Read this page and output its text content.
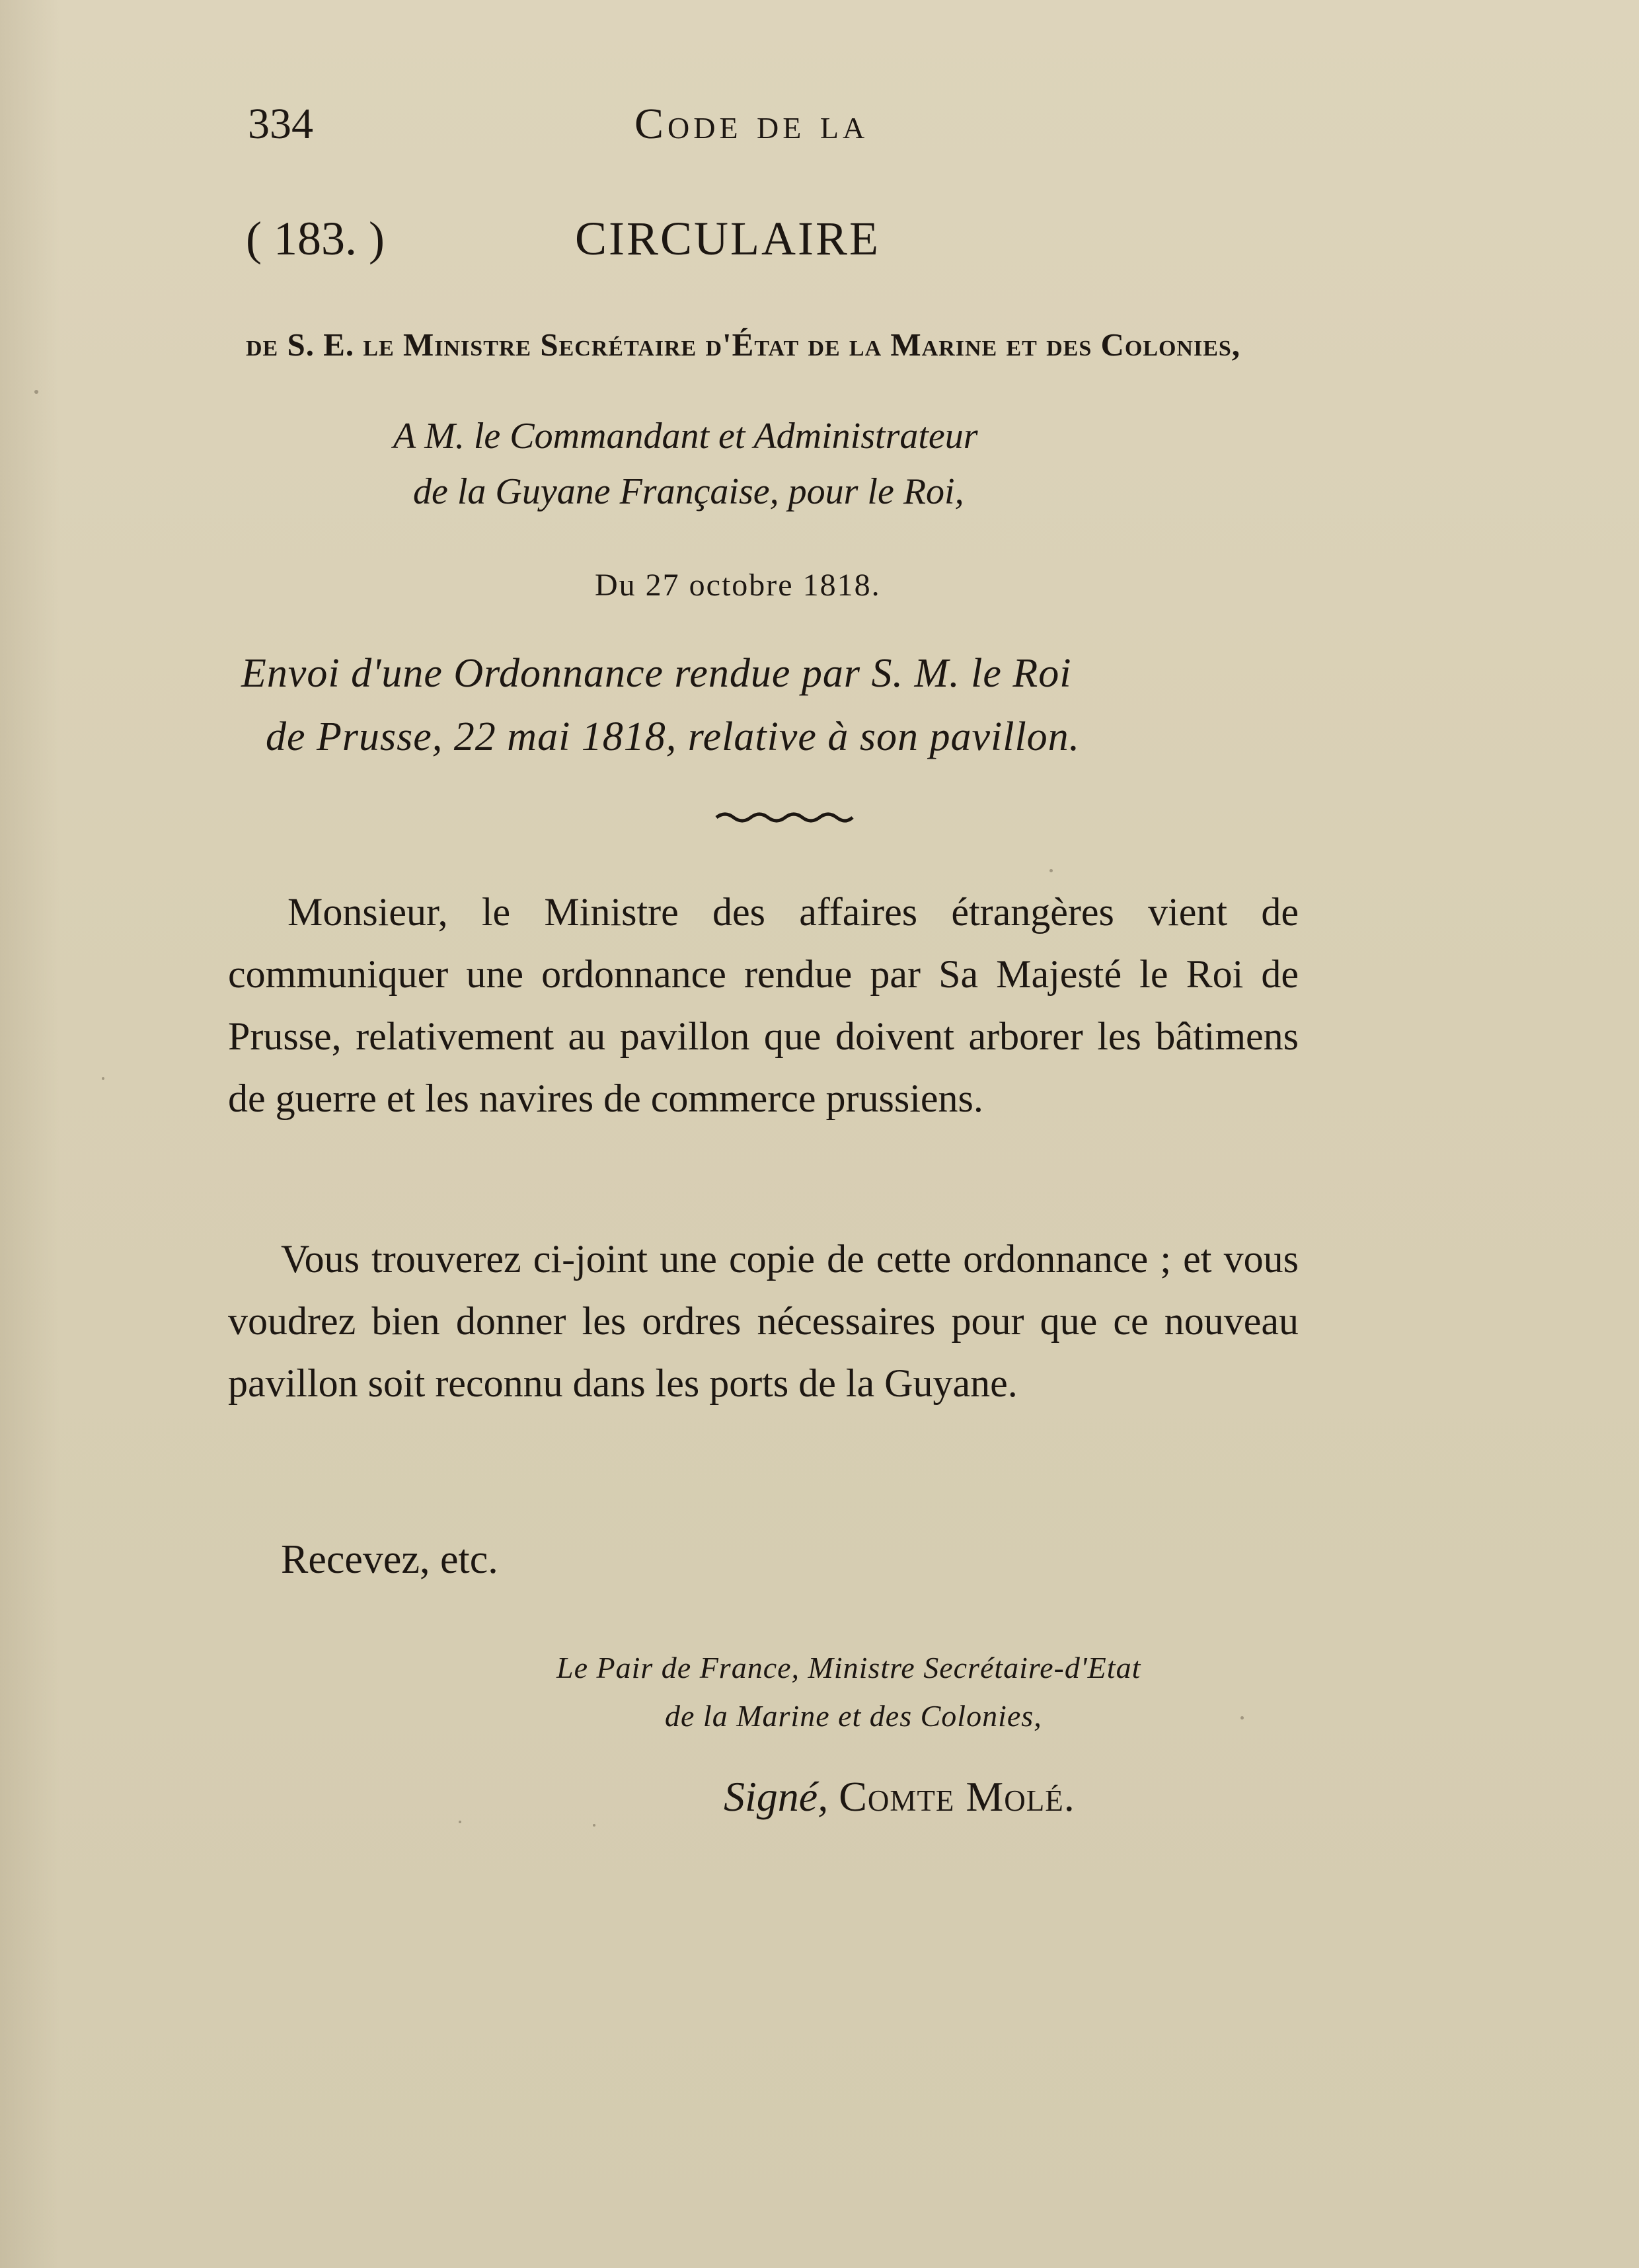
334	Code de la
( 183. )	CIRCULAIRE
de S. E. le Ministre Secrétaire d'État de la Marine et des Colonies,
A M. le Commandant et Administrateur
de la Guyane Française, pour le Roi,
Du 27 octobre 1818.
Envoi d'une Ordonnance rendue par S. M. le Roi
de Prusse, 22 mai 1818, relative à son pavillon.
Monsieur, le Ministre des affaires étrangères vient de communiquer une ordonnance rendue par Sa Majesté le Roi de Prusse, relativement au pavillon que doivent arborer les bâtimens de guerre et les navires de commerce prussiens.
Vous trouverez ci-joint une copie de cette ordonnance ; et vous voudrez bien donner les ordres nécessaires pour que ce nouveau pavillon soit reconnu dans les ports de la Guyane.
Recevez, etc.
Le Pair de France, Ministre Secrétaire-d'Etat
de la Marine et des Colonies,
Signé, Comte Molé.
